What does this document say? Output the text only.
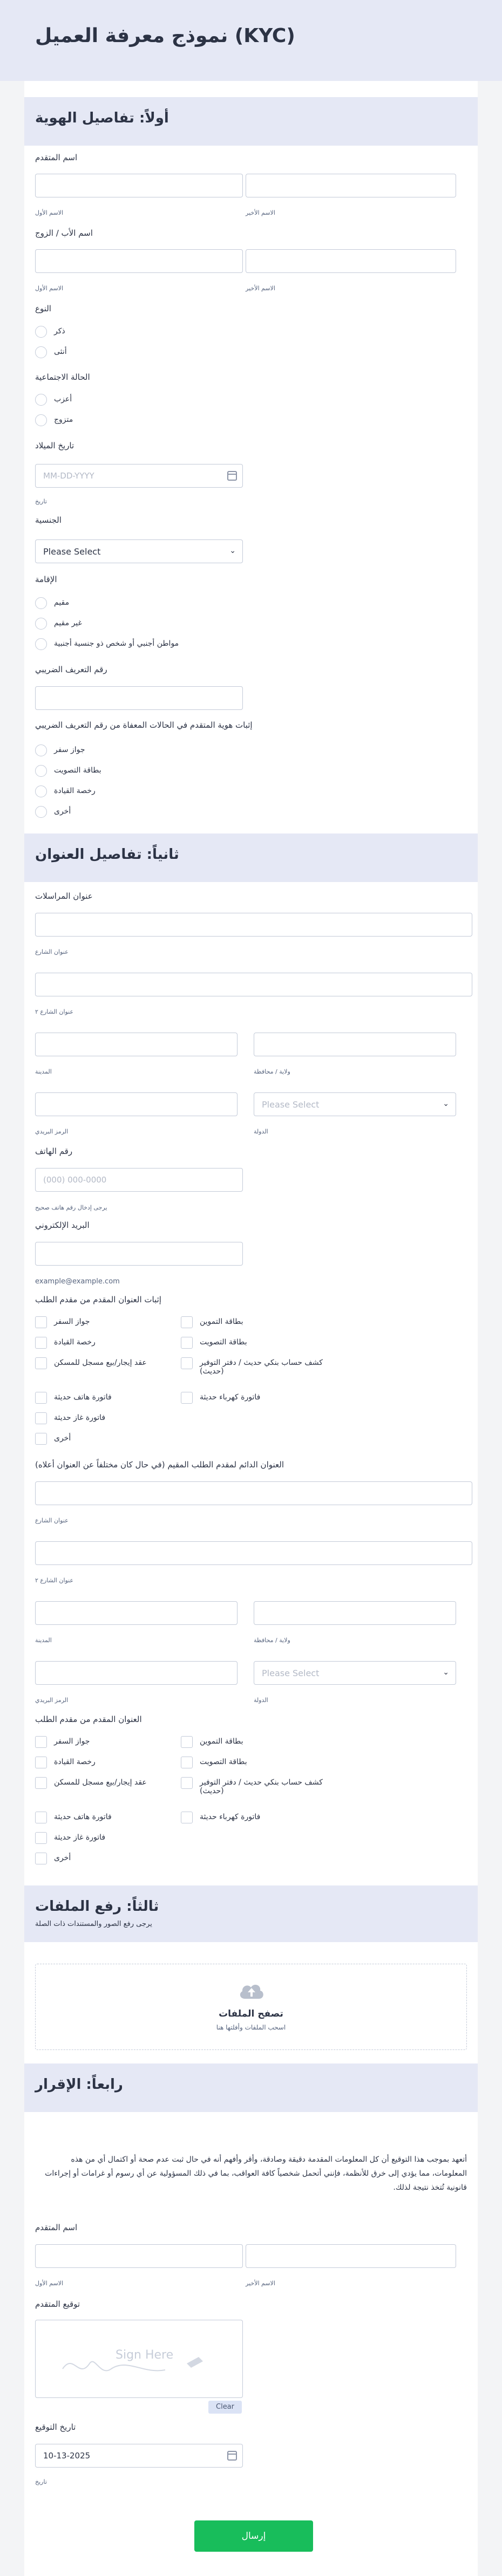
نموذج معرفة العميل (KYC)
أولاً: تفاصيل الهوية
اسم المتقدم
الاسم الأول	الاسم الأخير
اسم الأب / الزوج
الاسم الأول	الاسم الأخير
النوع
ذكر
أنثى
الحالة الاجتماعية
أعزب
متزوج
تاريخ الميلاد
MM-DD-YYYY
تاريخ
الجنسية
Please Select	⌄
الإقامة
مقيم
غير مقيم
مواطن أجنبي أو شخص ذو جنسية أجنبية
رقم التعريف الضريبي
إثبات هوية المتقدم في الحالات المعفاة من رقم التعريف الضريبي
جواز سفر
بطاقة التصويت
رخصة القيادة
أخرى
ثانياً: تفاصيل العنوان
عنوان المراسلات
عنوان الشارع
عنوان الشارع ٢
المدينة	ولاية / محافظة
Please Select	⌄
الرمز البريدي	الدولة
رقم الهاتف
(000) 000-0000
يرجى إدخال رقم هاتف صحيح
البريد الإلكتروني
example@example.com
إثبات العنوان المقدم من مقدم الطلب
جواز السفر	بطاقة التموين
رخصة القيادة	بطاقة التصويت
عقد إيجار/بيع مسجل للمسكن	كشف حساب بنكي حديث / دفتر التوفير (حديث)
فاتورة هاتف حديثة	فاتورة كهرباء حديثة
فاتورة غاز حديثة
أخرى
العنوان الدائم لمقدم الطلب المقيم (في حال كان مختلفاً عن العنوان أعلاه)
عنوان الشارع
عنوان الشارع ٢
المدينة	ولاية / محافظة
Please Select	⌄
الرمز البريدي	الدولة
العنوان المقدم من مقدم الطلب
جواز السفر	بطاقة التموين
رخصة القيادة	بطاقة التصويت
عقد إيجار/بيع مسجل للمسكن	كشف حساب بنكي حديث / دفتر التوفير (حديث)
فاتورة هاتف حديثة	فاتورة كهرباء حديثة
فاتورة غاز حديثة
أخرى
ثالثاً: رفع الملفات
يرجى رفع الصور والمستندات ذات الصلة
تصفح الملفات
اسحب الملفات وأفلتها هنا
رابعاً: الإقرار
أتعهد بموجب هذا التوقيع أن كل المعلومات المقدمة دقيقة وصادقة، وأقر وأفهم أنه في حال ثبت عدم صحة أو اكتمال أي من هذه المعلومات، مما يؤدي إلى خرق للأنظمة، فإنني أتحمل شخصياً كافة العواقب، بما في ذلك المسؤولية عن أي رسوم أو غرامات أو إجراءات قانونية تُتخذ نتيجة لذلك.
اسم المتقدم
الاسم الأول	الاسم الأخير
توقيع المتقدم
Sign Here
Clear
تاريخ التوقيع
10-13-2025
تاريخ
إرسال
